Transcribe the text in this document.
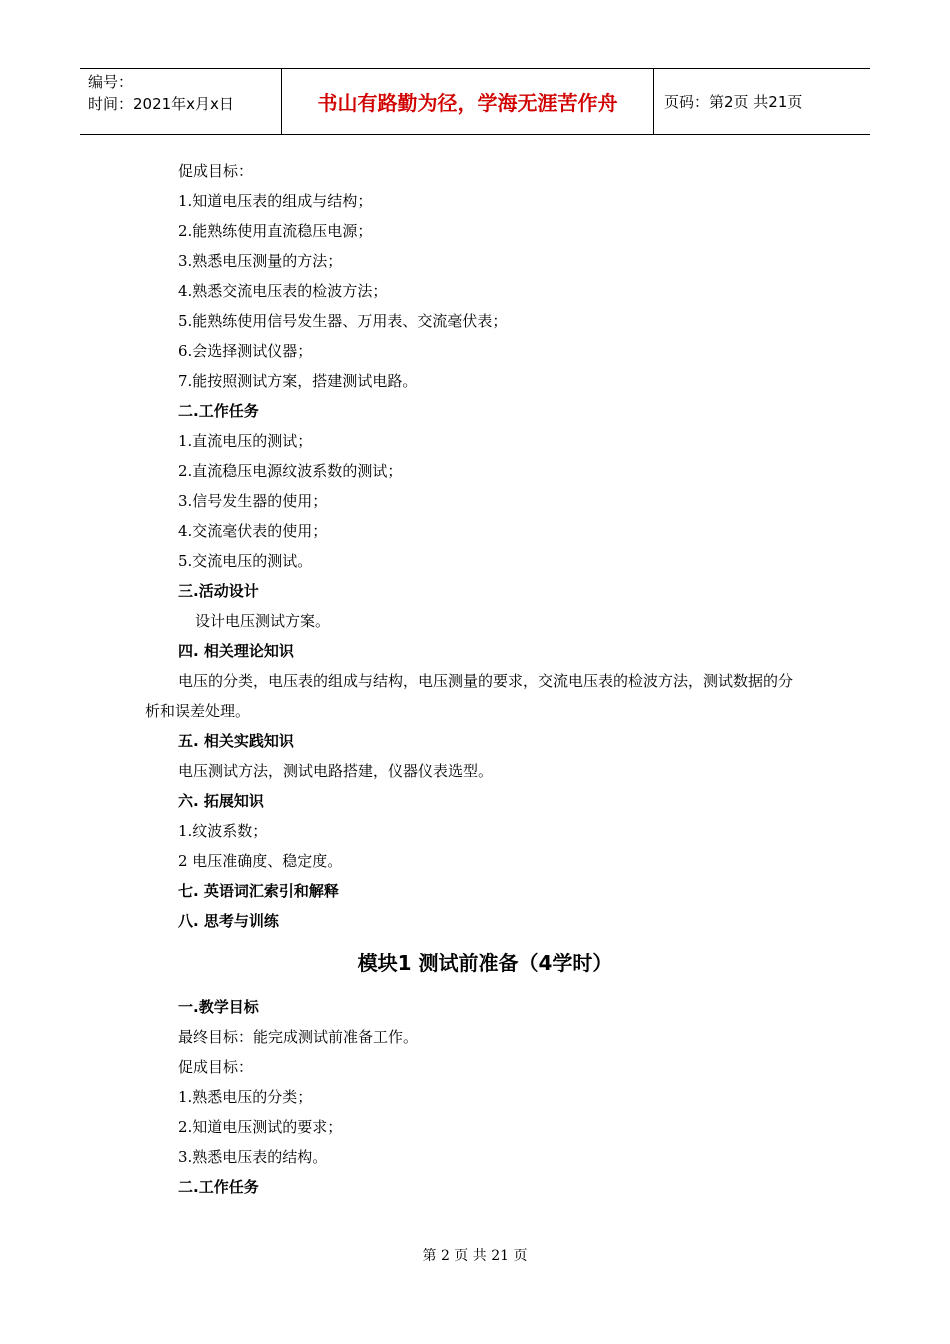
编号：
时间：2021年x月x日	书山有路勤为径，学海无涯苦作舟	页码：第2页 共21页
促成目标：
1.知道电压表的组成与结构；
2.能熟练使用直流稳压电源；
3.熟悉电压测量的方法；
4.熟悉交流电压表的检波方法；
5.能熟练使用信号发生器、万用表、交流毫伏表；
6.会选择测试仪器；
7.能按照测试方案，搭建测试电路。
二.工作任务
1.直流电压的测试；
2.直流稳压电源纹波系数的测试；
3.信号发生器的使用；
4.交流毫伏表的使用；
5.交流电压的测试。
三.活动设计
设计电压测试方案。
四. 相关理论知识
电压的分类，电压表的组成与结构，电压测量的要求，交流电压表的检波方法，测试数据的分析和误差处理。
五. 相关实践知识
电压测试方法，测试电路搭建，仪器仪表选型。
六. 拓展知识
1.纹波系数；
2 电压准确度、稳定度。
七. 英语词汇索引和解释
八. 思考与训练
模块1 测试前准备（4学时）
一.教学目标
最终目标：能完成测试前准备工作。
促成目标：
1.熟悉电压的分类；
2.知道电压测试的要求；
3.熟悉电压表的结构。
二.工作任务
第 2 页 共 21 页
